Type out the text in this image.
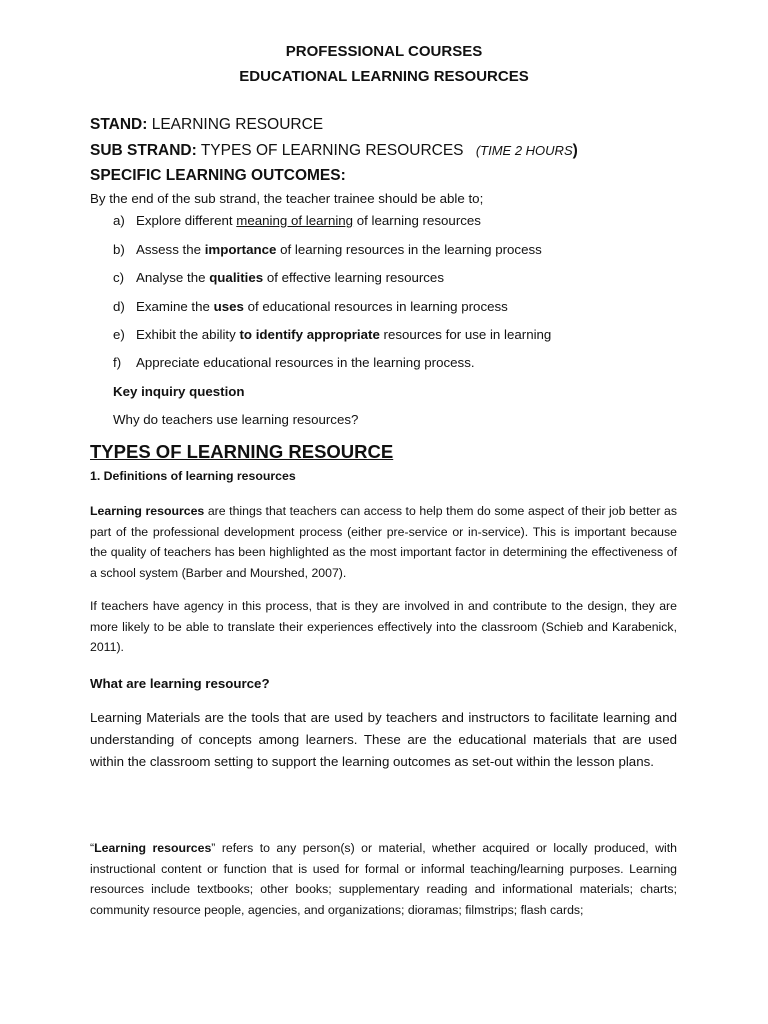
PROFESSIONAL COURSES
EDUCATIONAL LEARNING RESOURCES
STAND: LEARNING RESOURCE
SUB STRAND: TYPES OF LEARNING RESOURCES (TIME 2 HOURS)
SPECIFIC LEARNING OUTCOMES:
By the end of the sub strand, the teacher trainee should be able to;
a) Explore different meaning of learning of learning resources
b) Assess the importance of learning resources in the learning process
c) Analyse the qualities of effective learning resources
d) Examine the uses of educational resources in learning process
e) Exhibit the ability to identify appropriate resources for use in learning
f) Appreciate educational resources in the learning process.
Key inquiry question
Why do teachers use learning resources?
TYPES OF LEARNING RESOURCE
1. Definitions of learning resources
Learning resources are things that teachers can access to help them do some aspect of their job better as part of the professional development process (either pre-service or in-service). This is important because the quality of teachers has been highlighted as the most important factor in determining the effectiveness of a school system (Barber and Mourshed, 2007).
If teachers have agency in this process, that is they are involved in and contribute to the design, they are more likely to be able to translate their experiences effectively into the classroom (Schieb and Karabenick, 2011).
What are learning resource?
Learning Materials are the tools that are used by teachers and instructors to facilitate learning and understanding of concepts among learners. These are the educational materials that are used within the classroom setting to support the learning outcomes as set-out within the lesson plans.
“Learning resources” refers to any person(s) or material, whether acquired or locally produced, with instructional content or function that is used for formal or informal teaching/learning purposes. Learning resources include textbooks; other books; supplementary reading and informational materials; charts; community resource people, agencies, and organizations; dioramas; filmstrips; flash cards;
